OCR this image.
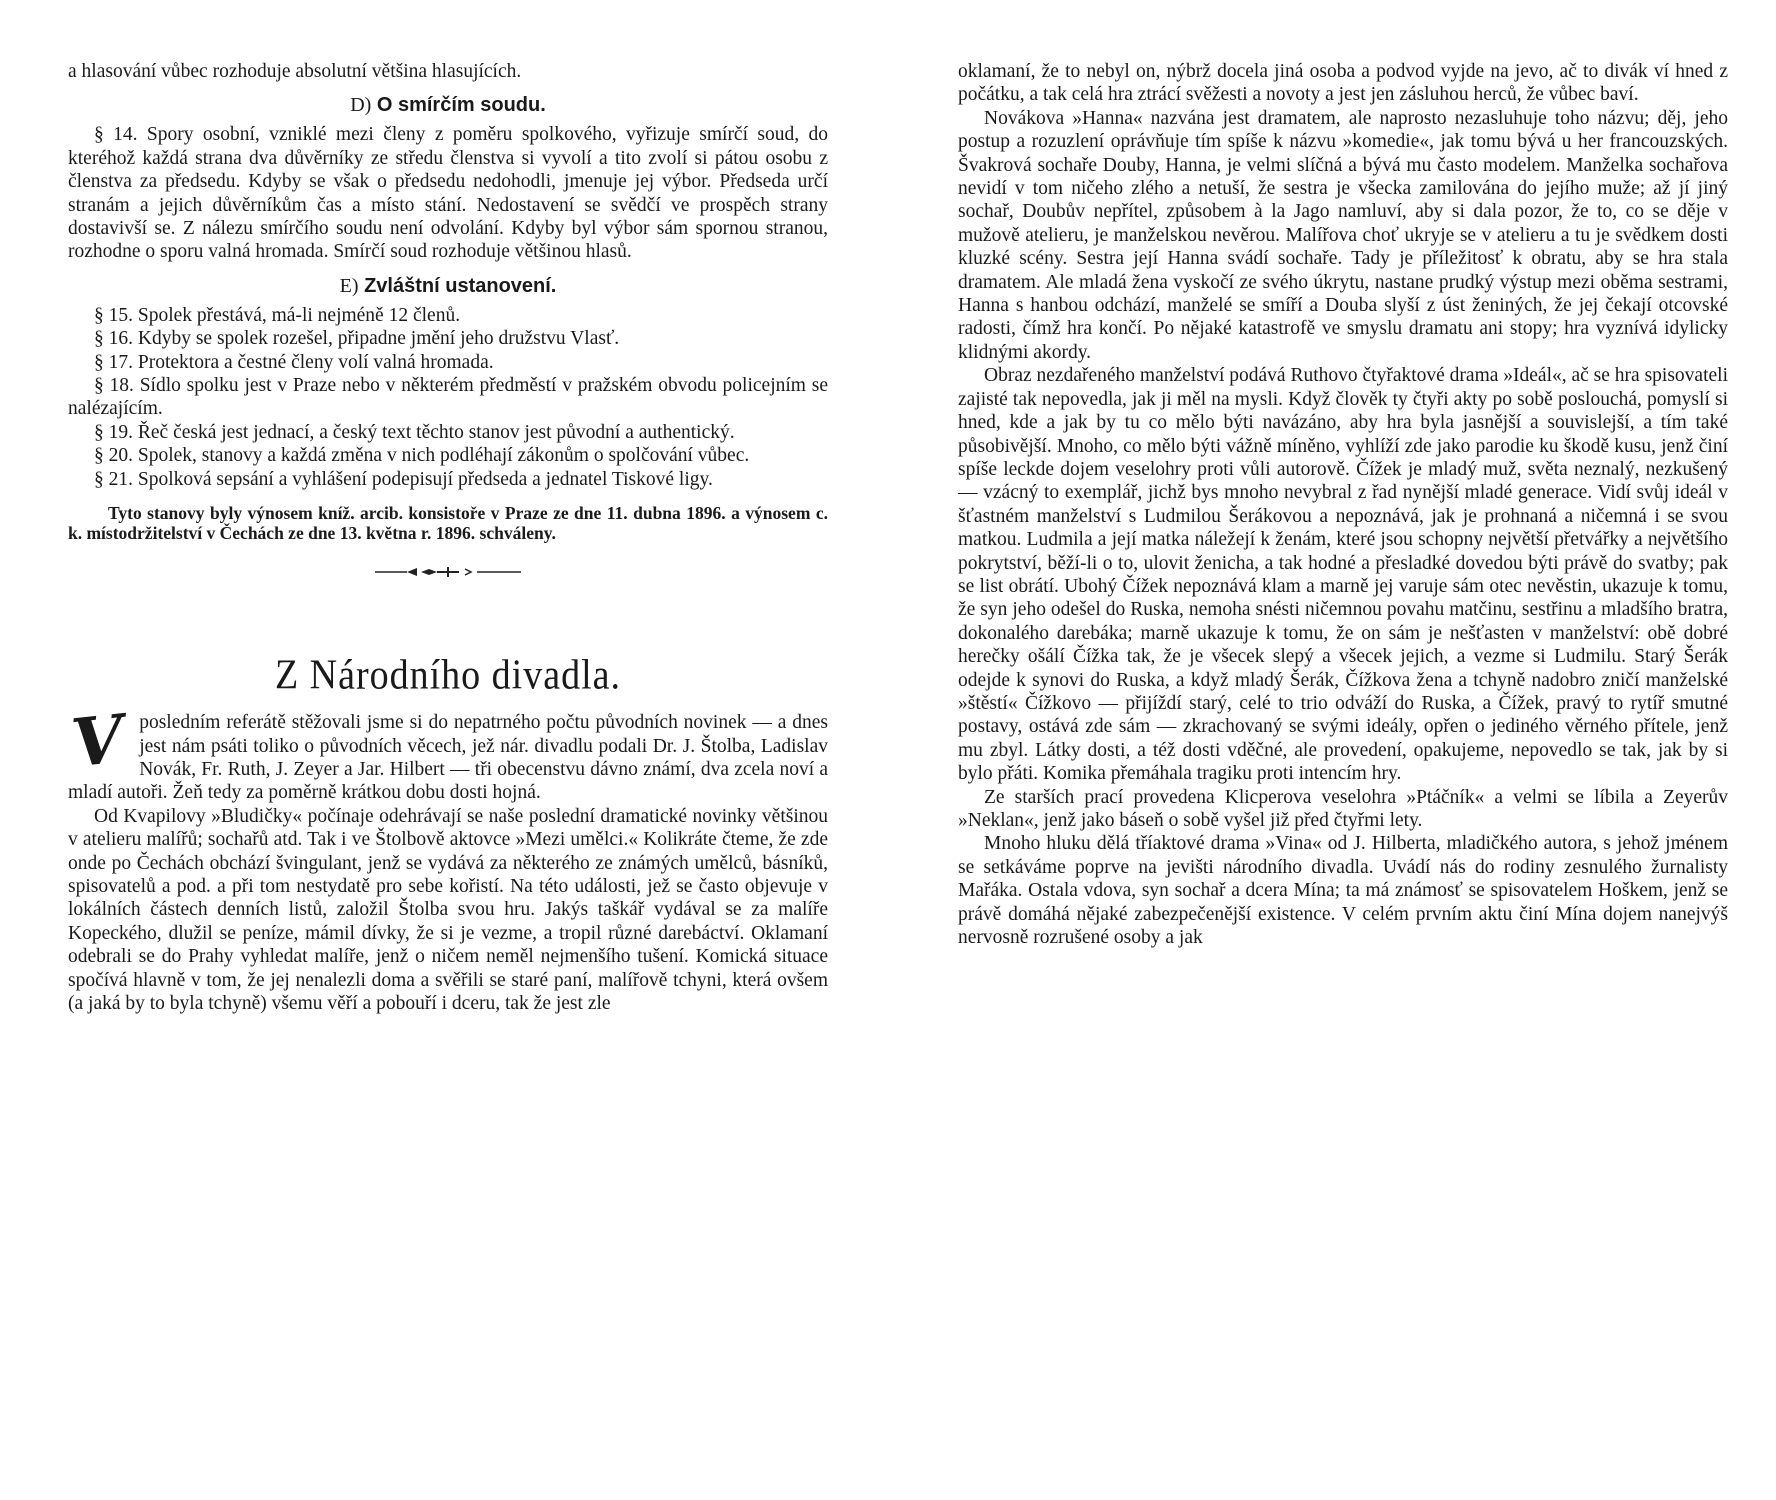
a hlasování vůbec rozhoduje absolutní většina hlasujících.

D) O smírčím soudu.

§ 14. Spory osobní, vzniklé mezi členy z poměru spolkového, vyřizuje smírčí soud, do kteréhož každá strana dva důvěrníky ze středu členstva si vyvolí a tito zvolí si pátou osobu z členstva za předsedu. Kdyby se však o předsedu nedohodli, jmenuje jej výbor. Předseda určí stranám a jejich důvěrníkům čas a místo stání. Nedostavení se svědčí ve prospěch strany dostavivší se. Z nálezu smírčího soudu není odvolání. Kdyby byl výbor sám spornou stranou, rozhodne o sporu valná hromada. Smírčí soud rozhoduje většinou hlasů.

E) Zvláštní ustanovení.

§ 15. Spolek přestává, má-li nejméně 12 členů.

§ 16. Kdyby se spolek rozešel, připadne jmění jeho družstvu Vlasť.

§ 17. Protektora a čestné členy volí valná hromada.

§ 18. Sídlo spolku jest v Praze nebo v některém předměstí v pražském obvodu policejním se nalézajícím.

§ 19. Řeč česká jest jednací, a český text těchto stanov jest původní a authentický.

§ 20. Spolek, stanovy a každá změna v nich podléhají zákonům o spolčování vůbec.

§ 21. Spolková sepsání a vyhlášení podepisují předseda a jednatel Tiskové ligy.

Tyto stanovy byly výnosem kníž. arcib. konsistoře v Praze ze dne 11. dubna 1896. a výnosem c. k. místodržitelství v Čechách ze dne 13. května r. 1896. schváleny.

Z Národního divadla.

V posledním referátě stěžovali jsme si do nepatrného počtu původních novinek — a dnes jest nám psáti toliko o původních věcech, jež nár. divadlu podali Dr. J. Štolba, Ladislav Novák, Fr. Ruth, J. Zeyer a Jar. Hilbert — tři obecenstvu dávno známí, dva zcela noví a mladí autoři. Žeň tedy za poměrně krátkou dobu dosti hojná.

Od Kvapilovy »Bludičky« počínaje odehrávají se naše poslední dramatické novinky většinou v atelieru malířů; sochařů atd. Tak i ve Štolbově aktovce »Mezi umělci.« Kolikráte čteme, že zde onde po Čechách obchází švingulant, jenž se vydává za některého ze známých umělců, básníků, spisovatelů a pod. a při tom nestydatě pro sebe kořistí. Na této události, jež se často objevuje v lokálních částech denních listů, založil Štolba svou hru. Jakýs taškář vydával se za malíře Kopeckého, dlužil se peníze, mámil dívky, že si je vezme, a tropil různé darebáctví. Oklamaní odebrali se do Prahy vyhledat malíře, jenž o ničem neměl nejmenšího tušení. Komická situace spočívá hlavně v tom, že jej nenalezli doma a svěřili se staré paní, malířově tchyni, která ovšem (a jaká by to byla tchyně) všemu věří a pobouří i dceru, tak že jest zle

oklamaní, že to nebyl on, nýbrž docela jiná osoba a podvod vyjde na jevo, ač to divák ví hned z počátku, a tak celá hra ztrácí svěžesti a novoty a jest jen zásluhou herců, že vůbec baví.

Novákova »Hanna« nazvána jest dramatem, ale naprosto nezasluhuje toho názvu; děj, jeho postup a rozuzlení oprávňuje tím spíše k názvu »komedie«, jak tomu bývá u her francouzských. Švakrová sochaře Douby, Hanna, je velmi slíčná a bývá mu často modelem. Manželka sochařova nevidí v tom ničeho zlého a netuší, že sestra je všecka zamilována do jejího muže; až jí jiný sochař, Doubův nepřítel, způsobem à la Jago namluví, aby si dala pozor, že to, co se děje v mužově atelieru, je manželskou nevěrou. Malířova choť ukryje se v atelieru a tu je svědkem dosti kluzké scény. Sestra její Hanna svádí sochaře. Tady je příležitosť k obratu, aby se hra stala dramatem. Ale mladá žena vyskočí ze svého úkrytu, nastane prudký výstup mezi oběma sestrami, Hanna s hanbou odchází, manželé se smíří a Douba slyší z úst ženiných, že jej čekají otcovské radosti, čímž hra končí. Po nějaké katastrofě ve smyslu dramatu ani stopy; hra vyznívá idylicky klidnými akordy.

Obraz nezdařeného manželství podává Ruthovo čtyřaktové drama »Ideál«, ač se hra spisovateli zajisté tak nepovedla, jak ji měl na mysli. Když člověk ty čtyři akty po sobě poslouchá, pomyslí si hned, kde a jak by tu co mělo býti navázáno, aby hra byla jasnější a souvislejší, a tím také působivější. Mnoho, co mělo býti vážně míněno, vyhlíží zde jako parodie ku škodě kusu, jenž činí spíše leckde dojem veselohry proti vůli autorově. Čížek je mladý muž, světa neznalý, nezkušený — vzácný to exemplář, jichž bys mnoho nevybral z řad nynější mladé generace. Vidí svůj ideál v šťastném manželství s Ludmilou Šerákovou a nepoznává, jak je prohnaná a ničemná i se svou matkou. Ludmila a její matka náležejí k ženám, které jsou schopny největší přetvářky a největšího pokrytství, běží-li o to, ulovit ženicha, a tak hodné a přesladké dovedou býti právě do svatby; pak se list obrátí. Ubohý Čížek nepoznává klam a marně jej varuje sám otec nevěstin, ukazuje k tomu, že syn jeho odešel do Ruska, nemoha snésti ničemnou povahu matčinu, sestřinu a mladšího bratra, dokonalého darebáka; marně ukazuje k tomu, že on sám je nešťasten v manželství: obě dobré herečky ošálí Čížka tak, že je všecek slepý a všecek jejich, a vezme si Ludmilu. Starý Šerák odejde k synovi do Ruska, a když mladý Šerák, Čížkova žena a tchyně nadobro zničí manželské »štěstí« Čížkovo — přijíždí starý, celé to trio odváží do Ruska, a Čížek, pravý to rytíř smutné postavy, ostává zde sám — zkrachovaný se svými ideály, opřen o jediného věrného přítele, jenž mu zbyl. Látky dosti, a též dosti vděčné, ale provedení, opakujeme, nepovedlo se tak, jak by si bylo přáti. Komika přemáhala tragiku proti intencím hry.

Ze starších prací provedena Klicperova veselohra »Ptáčník« a velmi se líbila a Zeyerův »Neklan«, jenž jako báseň o sobě vyšel již před čtyřmi lety.

Mnoho hluku dělá tříaktové drama »Vina« od J. Hilberta, mladičkého autora, s jehož jménem se setkáváme poprve na jevišti národního divadla. Uvádí nás do rodiny zesnulého žurnalisty Mařáka. Ostala vdova, syn sochař a dcera Mína; ta má známosť se spisovatelem Hoškem, jenž se právě domáhá nějaké zabezpečenější existence. V celém prvním aktu činí Mína dojem nanejvýš nervosně rozrušené osoby a jak
